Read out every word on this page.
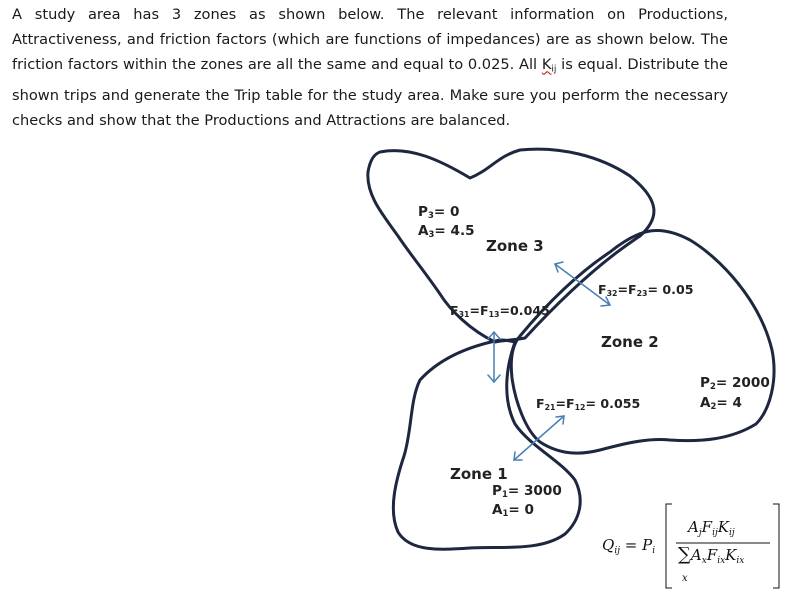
A study area has 3 zones as shown below. The relevant information on Productions, Attractiveness, and friction factors (which are functions of impedances) are as shown below. The friction factors within the zones are all the same and equal to 0.025. All $K_{ij}$ is equal. Distribute the shown trips and generate the Trip table for the study area. Make sure you perform the necessary checks and show that the Productions and Attractions are balanced.
$P_3= 0$
$A_3= 4.5$
Zone 3
$F_{31}=F_{13}=0.045$
$F_{32}=F_{23}= 0.05$
$F_{21}=F_{12}= 0.055$
Zone 2
$P_2= 2000$
$A_2= 4$
Zone 1
$P_1= 3000$
$A_1= 0$
$Q_{ij} = P_i$
$A_jF_{ij}K_{ij}$
$\sum A_xF_{ix}K_{ix}$
x
